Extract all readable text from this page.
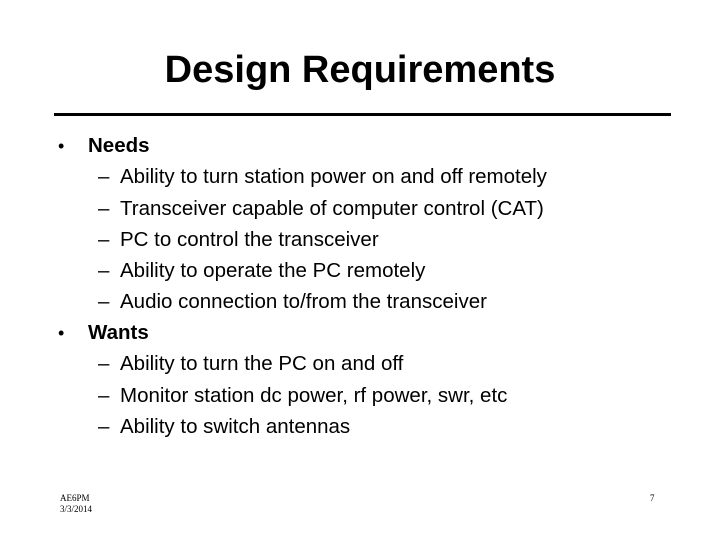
Design Requirements
• Needs
– Ability to turn station power on and off remotely
– Transceiver capable of computer control (CAT)
– PC to control the transceiver
– Ability to operate the PC remotely
– Audio connection to/from the transceiver
• Wants
– Ability to turn the PC on and off
– Monitor station dc power, rf power, swr, etc
– Ability to switch antennas
AE6PM
3/3/2014
7
